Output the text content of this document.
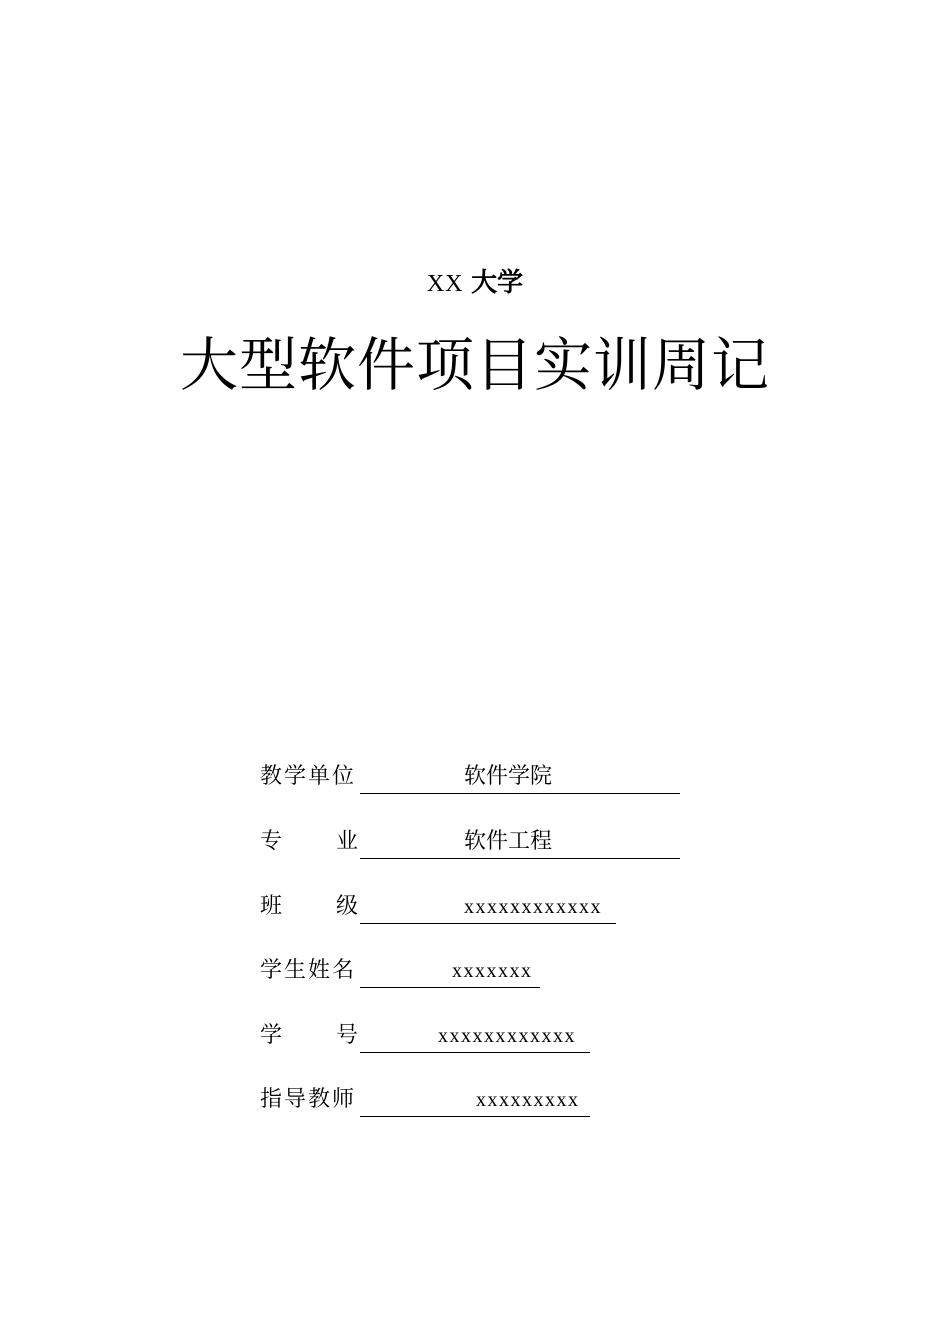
XX 大学
大型软件项目实训周记
教学单位	软件学院
专 业	软件工程
班 级	xxxxxxxxxxxx
学生姓名	xxxxxxx
学 号	xxxxxxxxxxxx
指导教师	xxxxxxxxx
